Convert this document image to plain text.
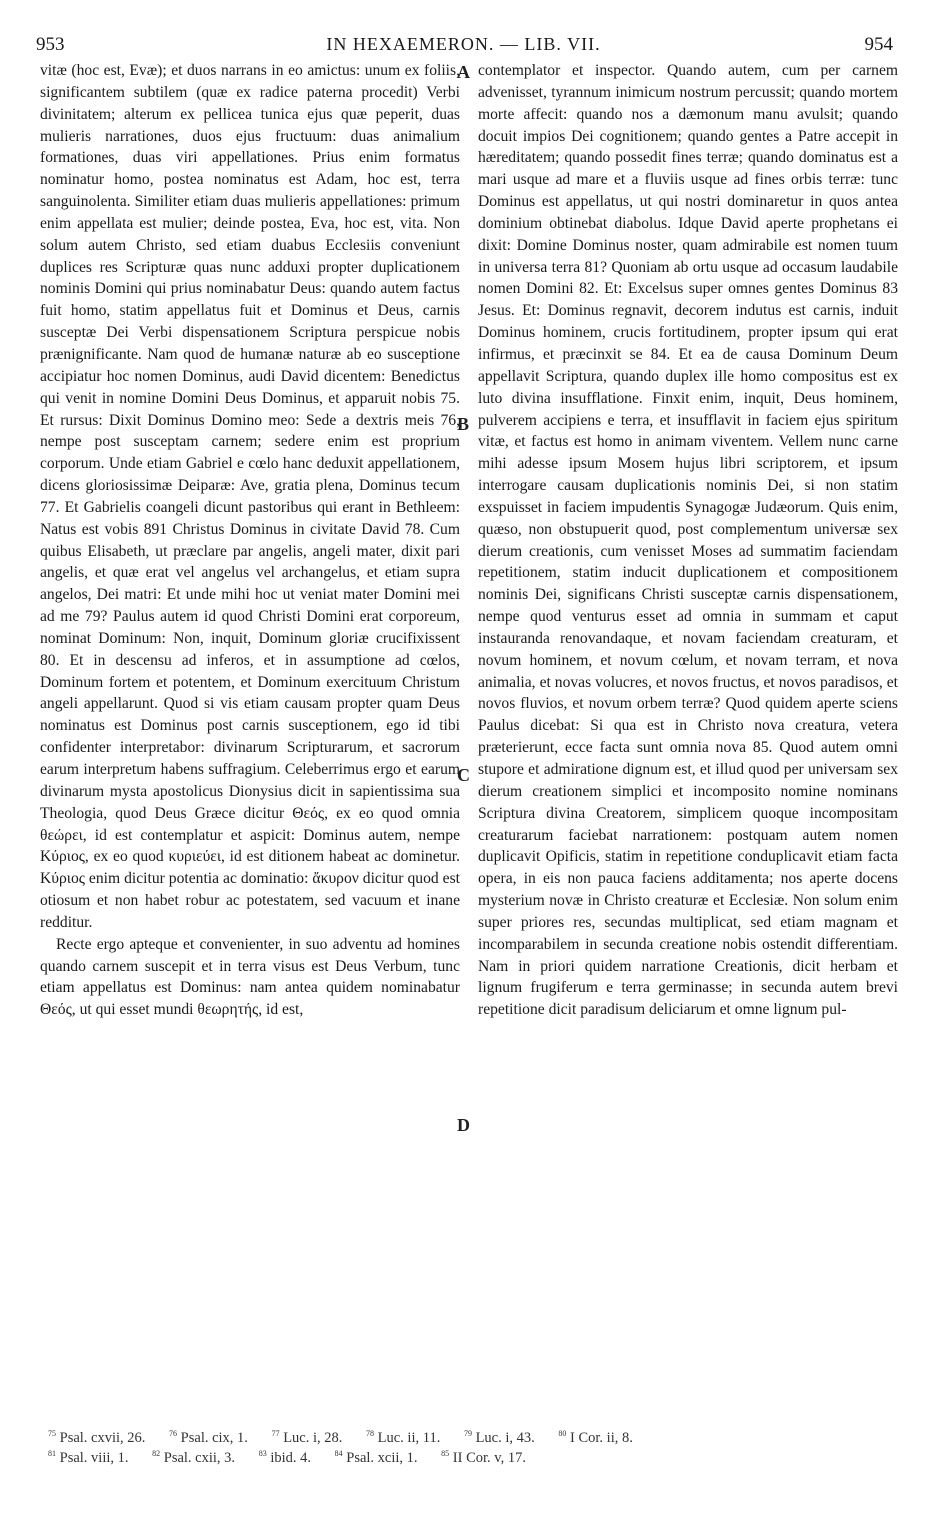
953	IN HEXAEMERON. — LIB. VII.	954
A
B
C
D

vitæ (hoc est, Evæ); et duos narrans in eo amictus: unum ex foliis, significantem subtilem (quæ ex radice paterna procedit) Verbi divinitatem; alterum ex pellicea tunica ejus quæ peperit, duas mulieris narrationes, duos ejus fructuum: duas animalium formationes, duas viri appellationes. Prius enim formatus nominatur homo, postea nominatus est Adam, hoc est, terra sanguinolenta. Similiter etiam duas mulieris appellationes: primum enim appellata est mulier; deinde postea, Eva, hoc est, vita. Non solum autem Christo, sed etiam duabus Ecclesiis conveniunt duplices res Scripturæ quas nunc adduxi propter duplicationem nominis Domini qui prius nominabatur Deus: quando autem factus fuit homo, statim appellatus fuit et Dominus et Deus, carnis susceptæ Dei Verbi dispensationem Scriptura perspicue nobis prænignificante. Nam quod de humanæ naturæ ab eo susceptione accipiatur hoc nomen Dominus, audi David dicentem: Benedictus qui venit in nomine Domini Deus Dominus, et apparuit nobis 75. Et rursus: Dixit Dominus Domino meo: Sede a dextris meis 76, nempe post susceptam carnem; sedere enim est proprium corporum. Unde etiam Gabriel e cœlo hanc deduxit appellationem, dicens gloriosissimæ Deiparæ: Ave, gratia plena, Dominus tecum 77. Et Gabrielis coangeli dicunt pastoribus qui erant in Bethleem: Natus est vobis 891 Christus Dominus in civitate David 78. Cum quibus Elisabeth, ut præclare par angelis, angeli mater, dixit pari angelis, et quæ erat vel angelus vel archangelus, et etiam supra angelos, Dei matri: Et unde mihi hoc ut veniat mater Domini mei ad me 79? Paulus autem id quod Christi Domini erat corporeum, nominat Dominum: Non, inquit, Dominum gloriæ crucifixissent 80. Et in descensu ad inferos, et in assumptione ad cœlos, Dominum fortem et potentem, et Dominum exercituum Christum angeli appellarunt. Quod si vis etiam causam propter quam Deus nominatus est Dominus post carnis susceptionem, ego id tibi confidenter interpretabor: divinarum Scripturarum, et sacrorum earum interpretum habens suffragium. Celeberrimus ergo et earum divinarum mysta apostolicus Dionysius dicit in sapientissima sua Theologia, quod Deus Græce dicitur Θεός, ex eo quod omnia θεώρει, id est contemplatur et aspicit: Dominus autem, nempe Κύριος, ex eo quod κυριεύει, id est ditionem habeat ac dominetur. Κύριος enim dicitur potentia ac dominatio: ἄκυρον dicitur quod est otiosum et non habet robur ac potestatem, sed vacuum et inane redditur.

Recte ergo apteque et convenienter, in suo adventu ad homines quando carnem suscepit et in terra visus est Deus Verbum, tunc etiam appellatus est Dominus: nam antea quidem nominabatur Θεός, ut qui esset mundi θεωρητής, id est,

contemplator et inspector. Quando autem, cum per carnem advenisset, tyrannum inimicum nostrum percussit; quando mortem morte affecit: quando nos a dæmonum manu avulsit; quando docuit impios Dei cognitionem; quando gentes a Patre accepit in hæreditatem; quando possedit fines terræ; quando dominatus est a mari usque ad mare et a fluviis usque ad fines orbis terræ: tunc Dominus est appellatus, ut qui nostri dominaretur in quos antea dominium obtinebat diabolus. Idque David aperte prophetans ei dixit: Domine Dominus noster, quam admirabile est nomen tuum in universa terra 81? Quoniam ab ortu usque ad occasum laudabile nomen Domini 82. Et: Excelsus super omnes gentes Dominus 83 Jesus. Et: Dominus regnavit, decorem indutus est carnis, induit Dominus hominem, crucis fortitudinem, propter ipsum qui erat infirmus, et præcinxit se 84. Et ea de causa Dominum Deum appellavit Scriptura, quando duplex ille homo compositus est ex luto divina insufflatione. Finxit enim, inquit, Deus hominem, pulverem accipiens e terra, et insufflavit in faciem ejus spiritum vitæ, et factus est homo in animam viventem. Vellem nunc carne mihi adesse ipsum Mosem hujus libri scriptorem, et ipsum interrogare causam duplicationis nominis Dei, si non statim exspuisset in faciem impudentis Synagogæ Judæorum. Quis enim, quæso, non obstupuerit quod, post complementum universæ sex dierum creationis, cum venisset Moses ad summatim faciendam repetitionem, statim inducit duplicationem et compositionem nominis Dei, significans Christi susceptæ carnis dispensationem, nempe quod venturus esset ad omnia in summam et caput instauranda renovandaque, et novam faciendam creaturam, et novum hominem, et novum cœlum, et novam terram, et nova animalia, et novas volucres, et novos fructus, et novos paradisos, et novos fluvios, et novum orbem terræ? Quod quidem aperte sciens Paulus dicebat: Si qua est in Christo nova creatura, vetera præterierunt, ecce facta sunt omnia nova 85. Quod autem omni stupore et admiratione dignum est, et illud quod per universam sex dierum creationem simplici et incomposito nomine nominans Scriptura divina Creatorem, simplicem quoque incompositam creaturarum faciebat narrationem: postquam autem nomen duplicavit Opificis, statim in repetitione conduplicavit etiam facta opera, in eis non pauca faciens additamenta; nos aperte docens mysterium novæ in Christo creaturæ et Ecclesiæ. Non solum enim super priores res, secundas multiplicat, sed etiam magnam et incomparabilem in secunda creatione nobis ostendit differentiam. Nam in priori quidem narratione Creationis, dicit herbam et lignum frugiferum e terra germinasse; in secunda autem brevi repetitione dicit paradisum deliciarum et omne lignum pul-

$^{75}$ Psal. cxvii, 26.	$^{76}$ Psal. cix, 1.	$^{77}$ Luc. i, 28.	$^{78}$ Luc. ii, 11.	$^{79}$ Luc. i, 43.	$^{80}$ I Cor. ii, 8.
$^{81}$ Psal. viii, 1.	$^{82}$ Psal. cxii, 3.	$^{83}$ ibid. 4.	$^{84}$ Psal. xcii, 1.	$^{85}$ II Cor. v, 17.
